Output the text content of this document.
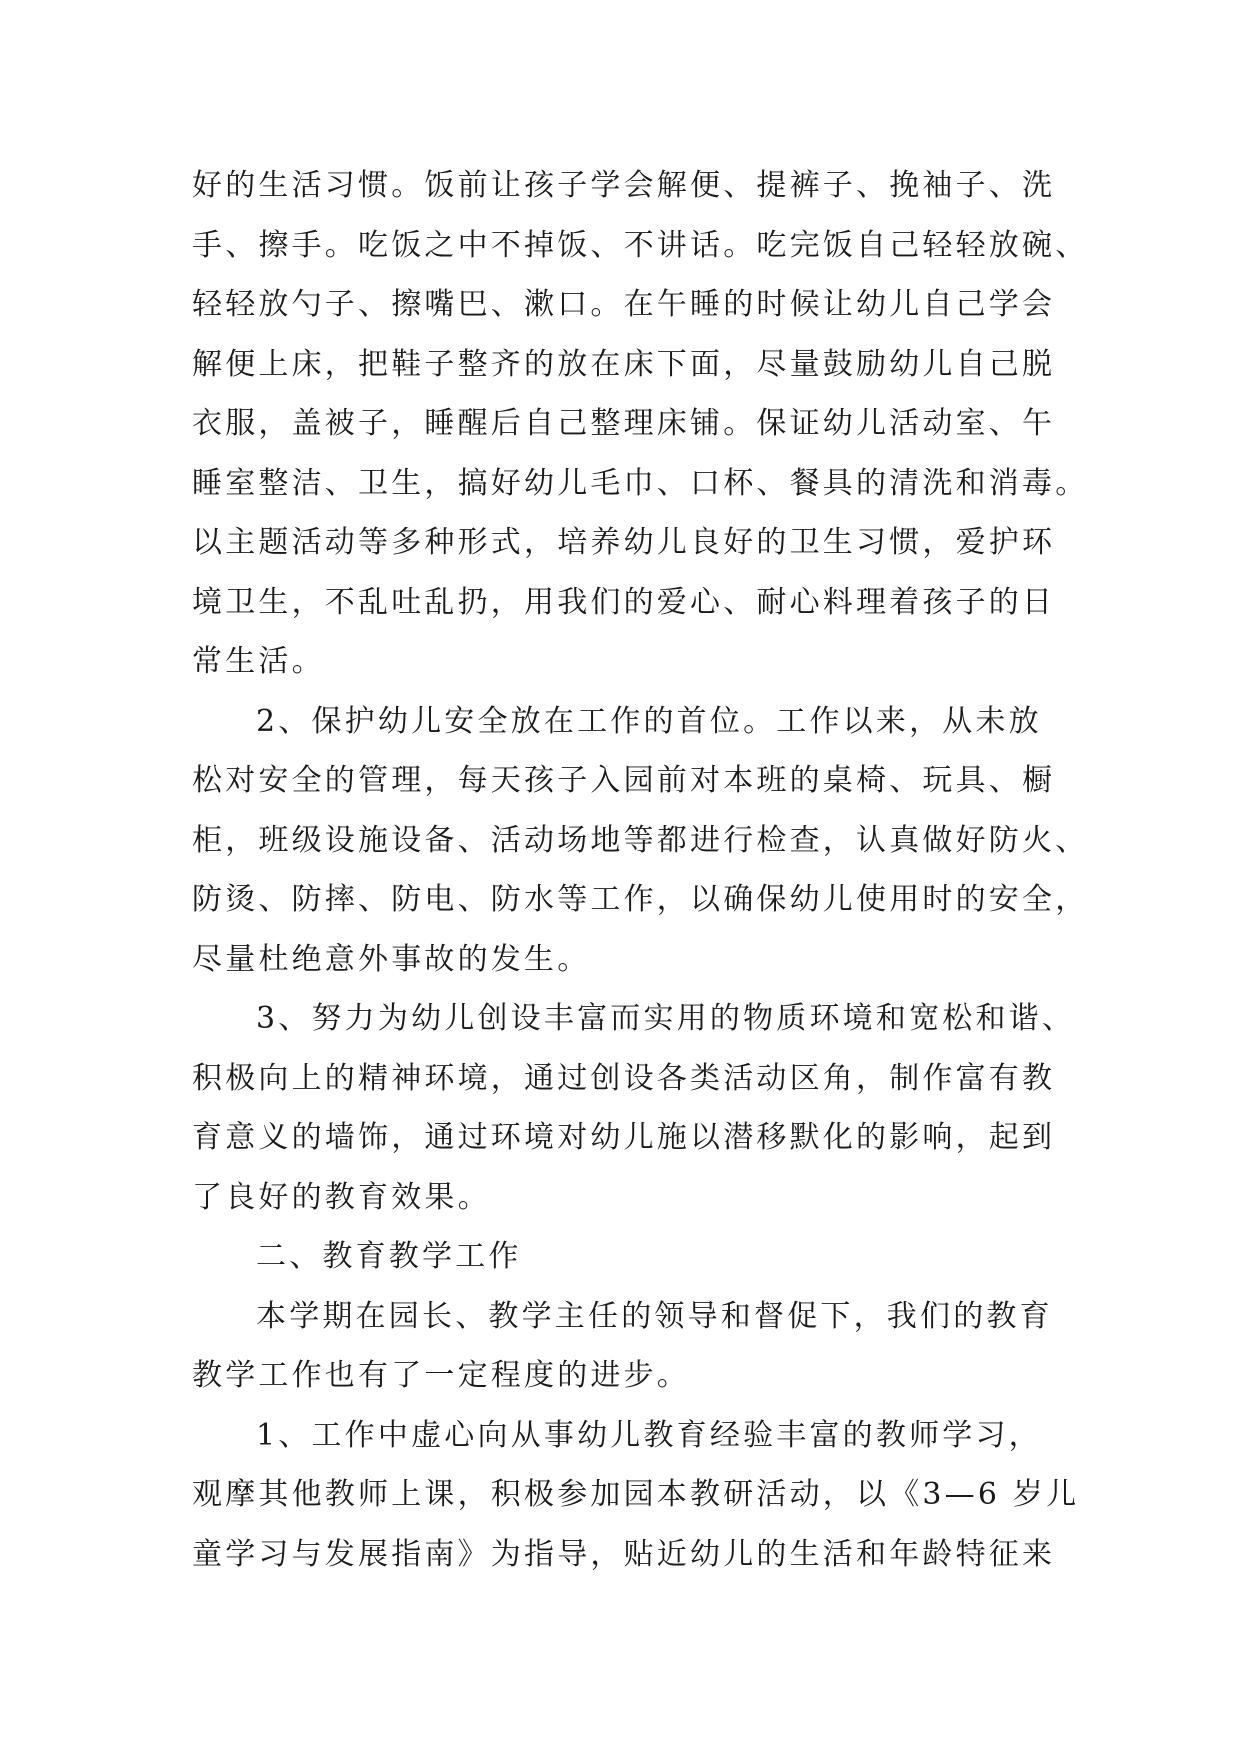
好的生活习惯。饭前让孩子学会解便、提裤子、挽袖子、洗
手、擦手。吃饭之中不掉饭、不讲话。吃完饭自己轻轻放碗、
轻轻放勺子、擦嘴巴、漱口。在午睡的时候让幼儿自己学会
解便上床，把鞋子整齐的放在床下面，尽量鼓励幼儿自己脱
衣服，盖被子，睡醒后自己整理床铺。保证幼儿活动室、午
睡室整洁、卫生，搞好幼儿毛巾、口杯、餐具的清洗和消毒。
以主题活动等多种形式，培养幼儿良好的卫生习惯，爱护环
境卫生，不乱吐乱扔，用我们的爱心、耐心料理着孩子的日
常生活。
2、保护幼儿安全放在工作的首位。工作以来，从未放
松对安全的管理，每天孩子入园前对本班的桌椅、玩具、橱
柜，班级设施设备、活动场地等都进行检查，认真做好防火、
防烫、防摔、防电、防水等工作，以确保幼儿使用时的安全，
尽量杜绝意外事故的发生。
3、努力为幼儿创设丰富而实用的物质环境和宽松和谐、
积极向上的精神环境，通过创设各类活动区角，制作富有教
育意义的墙饰，通过环境对幼儿施以潜移默化的影响，起到
了良好的教育效果。
二、教育教学工作
本学期在园长、教学主任的领导和督促下，我们的教育
教学工作也有了一定程度的进步。
1、工作中虚心向从事幼儿教育经验丰富的教师学习，
观摩其他教师上课，积极参加园本教研活动，以《3—6 岁儿
童学习与发展指南》为指导，贴近幼儿的生活和年龄特征来
